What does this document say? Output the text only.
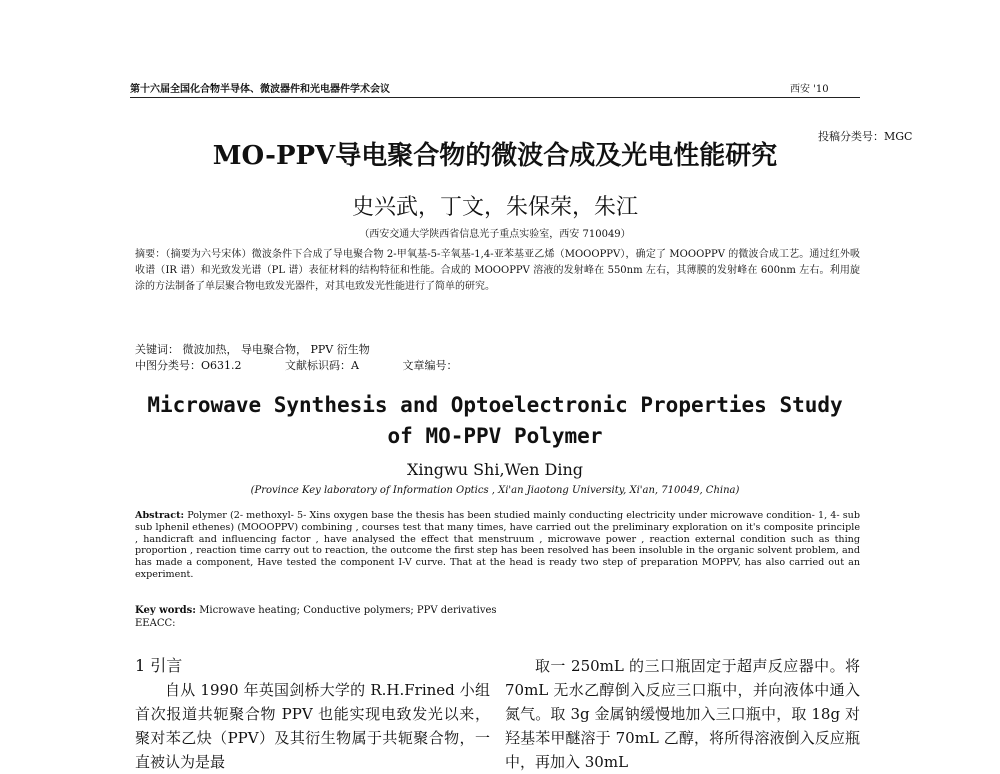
第十六届全国化合物半导体、微波器件和光电器件学术会议	西安 '10
投稿分类号：MGC
MO-PPV导电聚合物的微波合成及光电性能研究
史兴武，丁文，朱保荣，朱江
（西安交通大学陕西省信息光子重点实验室，西安 710049）
摘要：（摘要为六号宋体）微波条件下合成了导电聚合物 2-甲氧基-5-辛氧基-1,4-亚苯基亚乙烯（MOOOPPV），确定了 MOOOPPV 的微波合成工艺。通过红外吸收谱（IR 谱）和光致发光谱（PL 谱）表征材料的结构特征和性能。合成的 MOOOPPV 溶液的发射峰在 550nm 左右，其薄膜的发射峰在 600nm 左右。利用旋涂的方法制备了单层聚合物电致发光器件，对其电致发光性能进行了简单的研究。
关键词： 微波加热， 导电聚合物， PPV 衍生物
中图分类号：O631.2	文献标识码：A	文章编号：
Microwave Synthesis and Optoelectronic Properties Study of MO-PPV Polymer
Xingwu Shi,Wen Ding
(Province Key laboratory of Information Optics , Xi'an Jiaotong University, Xi'an, 710049, China)
Abstract: Polymer (2- methoxyl- 5- Xins oxygen base the thesis has been studied mainly conducting electricity under microwave condition- 1, 4- sub sub lphenil ethenes) (MOOOPPV) combining , courses test that many times, have carried out the preliminary exploration on it's composite principle , handicraft and influencing factor , have analysed the effect that menstruum , microwave power , reaction external condition such as thing proportion , reaction time carry out to reaction, the outcome the first step has been resolved has been insoluble in the organic solvent problem, and has made a component, Have tested the component I-V curve. That at the head is ready two step of preparation MOPPV, has also carried out an experiment.
Key words: Microwave heating; Conductive polymers; PPV derivatives
EEACC:
1 引言

自从 1990 年英国剑桥大学的 R.H.Frined 小组首次报道共轭聚合物 PPV 也能实现电致发光以来，聚对苯乙炔（PPV）及其衍生物属于共轭聚合物，一直被认为是最

取一 250mL 的三口瓶固定于超声反应器中。将 70mL 无水乙醇倒入反应三口瓶中，并向液体中通入氮气。取 3g 金属钠缓慢地加入三口瓶中，取 18g 对羟基苯甲醚溶于 70mL 乙醇，将所得溶液倒入反应瓶中，再加入 30mL
